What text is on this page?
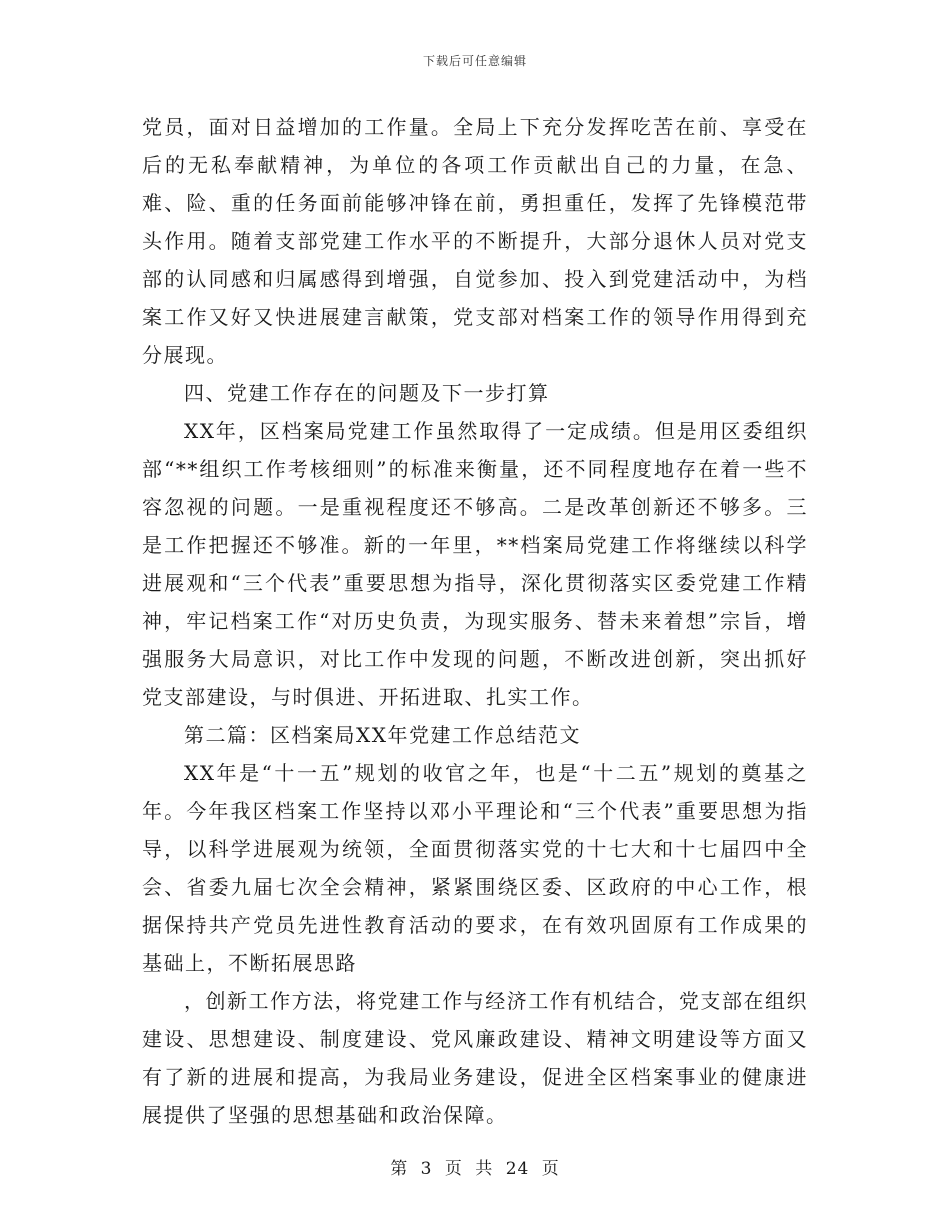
下载后可任意编辑

党员，面对日益增加的工作量。全局上下充分发挥吃苦在前、享受在后的无私奉献精神，为单位的各项工作贡献出自己的力量，在急、难、险、重的任务面前能够冲锋在前，勇担重任，发挥了先锋模范带头作用。随着支部党建工作水平的不断提升，大部分退休人员对党支部的认同感和归属感得到增强，自觉参加、投入到党建活动中，为档案工作又好又快进展建言献策，党支部对档案工作的领导作用得到充分展现。

四、党建工作存在的问题及下一步打算

XX年，区档案局党建工作虽然取得了一定成绩。但是用区委组织部“**组织工作考核细则”的标准来衡量，还不同程度地存在着一些不容忽视的问题。一是重视程度还不够高。二是改革创新还不够多。三是工作把握还不够准。新的一年里，**档案局党建工作将继续以科学进展观和“三个代表”重要思想为指导，深化贯彻落实区委党建工作精神，牢记档案工作“对历史负责，为现实服务、替未来着想”宗旨，增强服务大局意识，对比工作中发现的问题，不断改进创新，突出抓好党支部建设，与时俱进、开拓进取、扎实工作。

第二篇：区档案局XX年党建工作总结范文

XX年是“十一五”规划的收官之年，也是“十二五”规划的奠基之年。今年我区档案工作坚持以邓小平理论和“三个代表”重要思想为指导，以科学进展观为统领，全面贯彻落实党的十七大和十七届四中全会、省委九届七次全会精神，紧紧围绕区委、区政府的中心工作，根据保持共产党员先进性教育活动的要求，在有效巩固原有工作成果的基础上，不断拓展思路

，创新工作方法，将党建工作与经济工作有机结合，党支部在组织建设、思想建设、制度建设、党风廉政建设、精神文明建设等方面又有了新的进展和提高，为我局业务建设，促进全区档案事业的健康进展提供了坚强的思想基础和政治保障。

第 3 页 共 24 页
